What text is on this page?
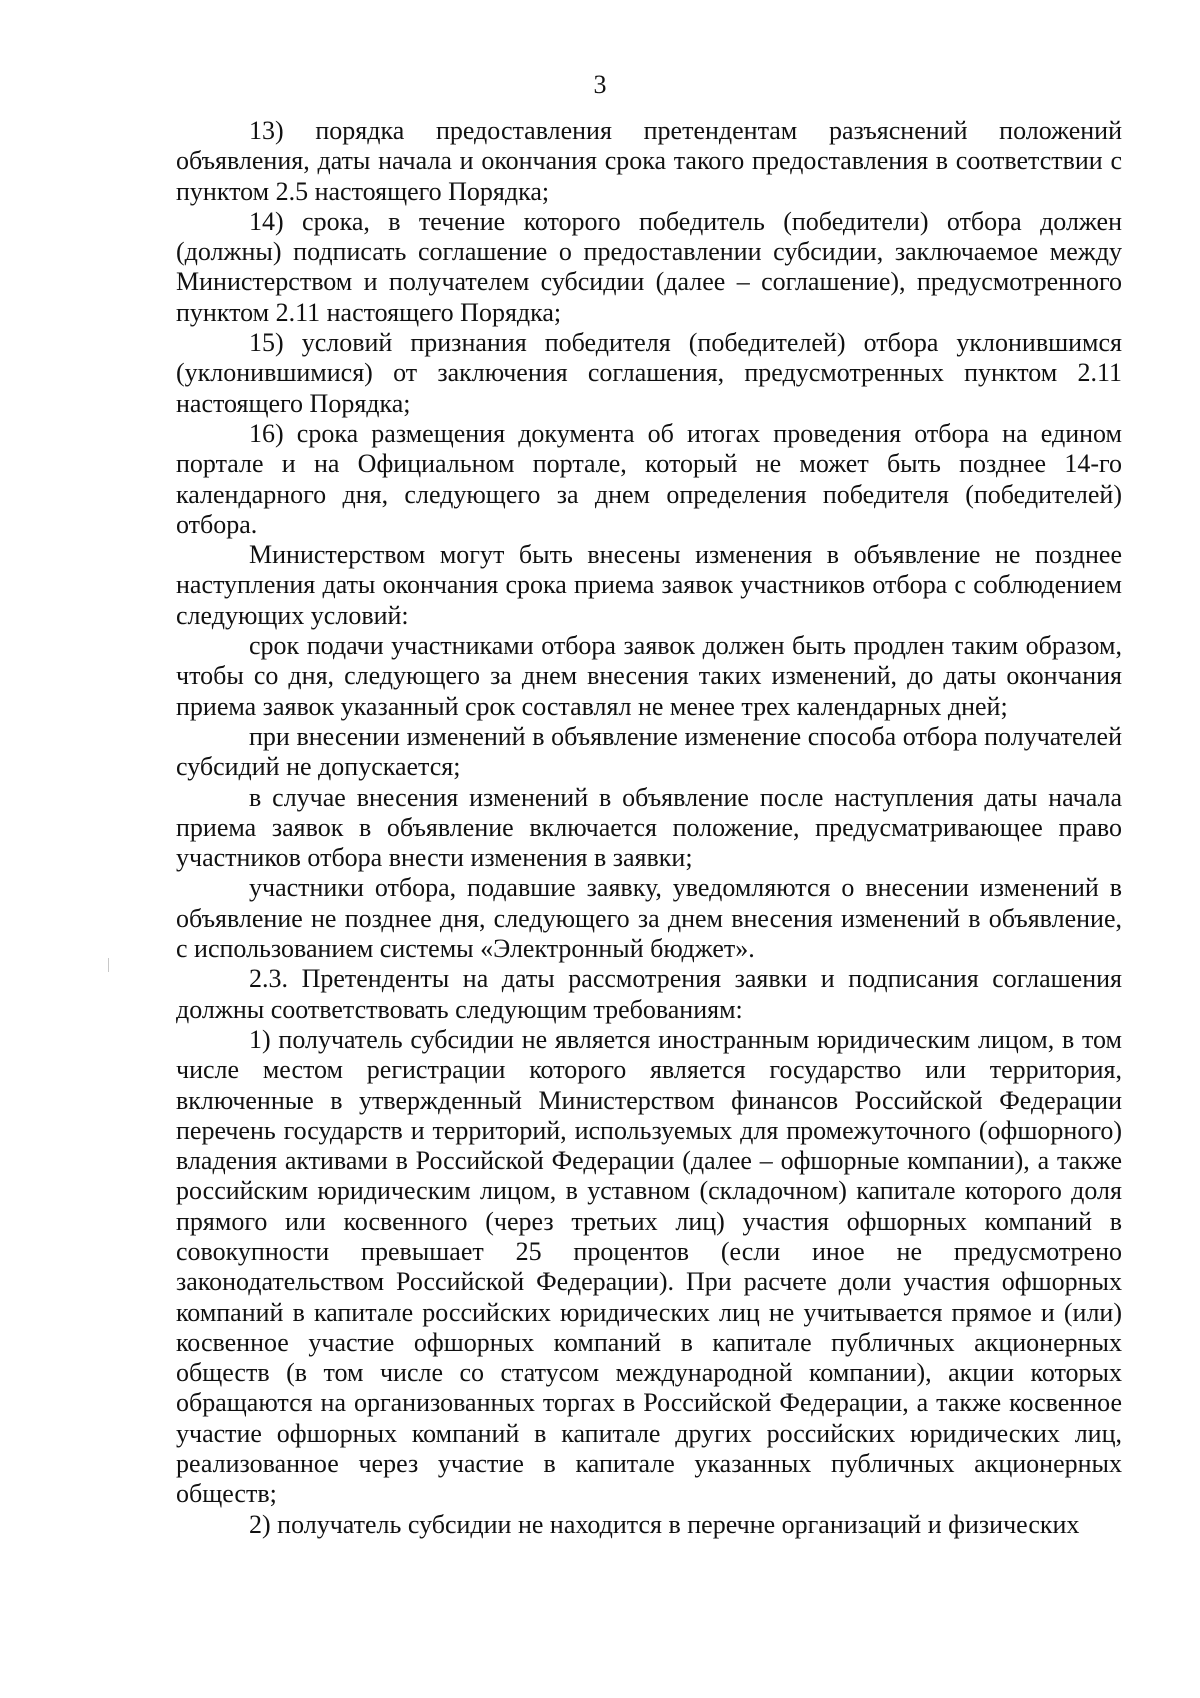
3

13) порядка предоставления претендентам разъяснений положений объявления, даты начала и окончания срока такого предоставления в соответствии с пунктом 2.5 настоящего Порядка;

14) срока, в течение которого победитель (победители) отбора должен (должны) подписать соглашение о предоставлении субсидии, заключаемое между Министерством и получателем субсидии (далее – соглашение), предусмотренного пунктом 2.11 настоящего Порядка;

15) условий признания победителя (победителей) отбора уклонившимся (уклонившимися) от заключения соглашения, предусмотренных пунктом 2.11 настоящего Порядка;

16) срока размещения документа об итогах проведения отбора на едином портале и на Официальном портале, который не может быть позднее 14-го календарного дня, следующего за днем определения победителя (победителей) отбора.

Министерством могут быть внесены изменения в объявление не позднее наступления даты окончания срока приема заявок участников отбора с соблюдением следующих условий:

срок подачи участниками отбора заявок должен быть продлен таким образом, чтобы со дня, следующего за днем внесения таких изменений, до даты окончания приема заявок указанный срок составлял не менее трех календарных дней;

при внесении изменений в объявление изменение способа отбора получателей субсидий не допускается;

в случае внесения изменений в объявление после наступления даты начала приема заявок в объявление включается положение, предусматривающее право участников отбора внести изменения в заявки;

участники отбора, подавшие заявку, уведомляются о внесении изменений в объявление не позднее дня, следующего за днем внесения изменений в объявление, с использованием системы «Электронный бюджет».

2.3. Претенденты на даты рассмотрения заявки и подписания соглашения должны соответствовать следующим требованиям:

1) получатель субсидии не является иностранным юридическим лицом, в том числе местом регистрации которого является государство или территория, включенные в утвержденный Министерством финансов Российской Федерации перечень государств и территорий, используемых для промежуточного (офшорного) владения активами в Российской Федерации (далее – офшорные компании), а также российским юридическим лицом, в уставном (складочном) капитале которого доля прямого или косвенного (через третьих лиц) участия офшорных компаний в совокупности превышает 25 процентов (если иное не предусмотрено законодательством Российской Федерации). При расчете доли участия офшорных компаний в капитале российских юридических лиц не учитывается прямое и (или) косвенное участие офшорных компаний в капитале публичных акционерных обществ (в том числе со статусом международной компании), акции которых обращаются на организованных торгах в Российской Федерации, а также косвенное участие офшорных компаний в капитале других российских юридических лиц, реализованное через участие в капитале указанных публичных акционерных обществ;

2) получатель субсидии не находится в перечне организаций и физических
